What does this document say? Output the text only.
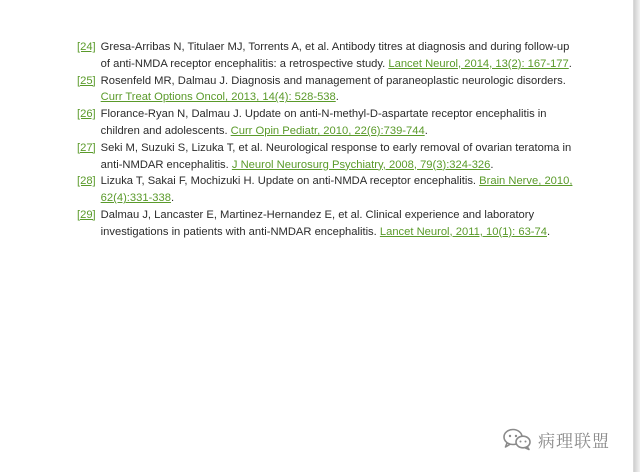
[24] Gresa-Arribas N, Titulaer MJ, Torrents A, et al. Antibody titres at diagnosis and during follow-up of anti-NMDA receptor encephalitis: a retrospective study. Lancet Neurol, 2014, 13(2): 167-177.
[25] Rosenfeld MR, Dalmau J. Diagnosis and management of paraneoplastic neurologic disorders. Curr Treat Options Oncol, 2013, 14(4): 528-538.
[26] Florance-Ryan N, Dalmau J. Update on anti-N-methyl-D-aspartate receptor encephalitis in children and adolescents. Curr Opin Pediatr, 2010, 22(6):739-744.
[27] Seki M, Suzuki S, Lizuka T, et al. Neurological response to early removal of ovarian teratoma in anti-NMDAR encephalitis. J Neurol Neurosurg Psychiatry, 2008, 79(3):324-326.
[28] Lizuka T, Sakai F, Mochizuki H. Update on anti-NMDA receptor encephalitis. Brain Nerve, 2010, 62(4):331-338.
[29] Dalmau J, Lancaster E, Martinez-Hernandez E, et al. Clinical experience and laboratory investigations in patients with anti-NMDAR encephalitis. Lancet Neurol, 2011, 10(1): 63-74.
病理联盟
